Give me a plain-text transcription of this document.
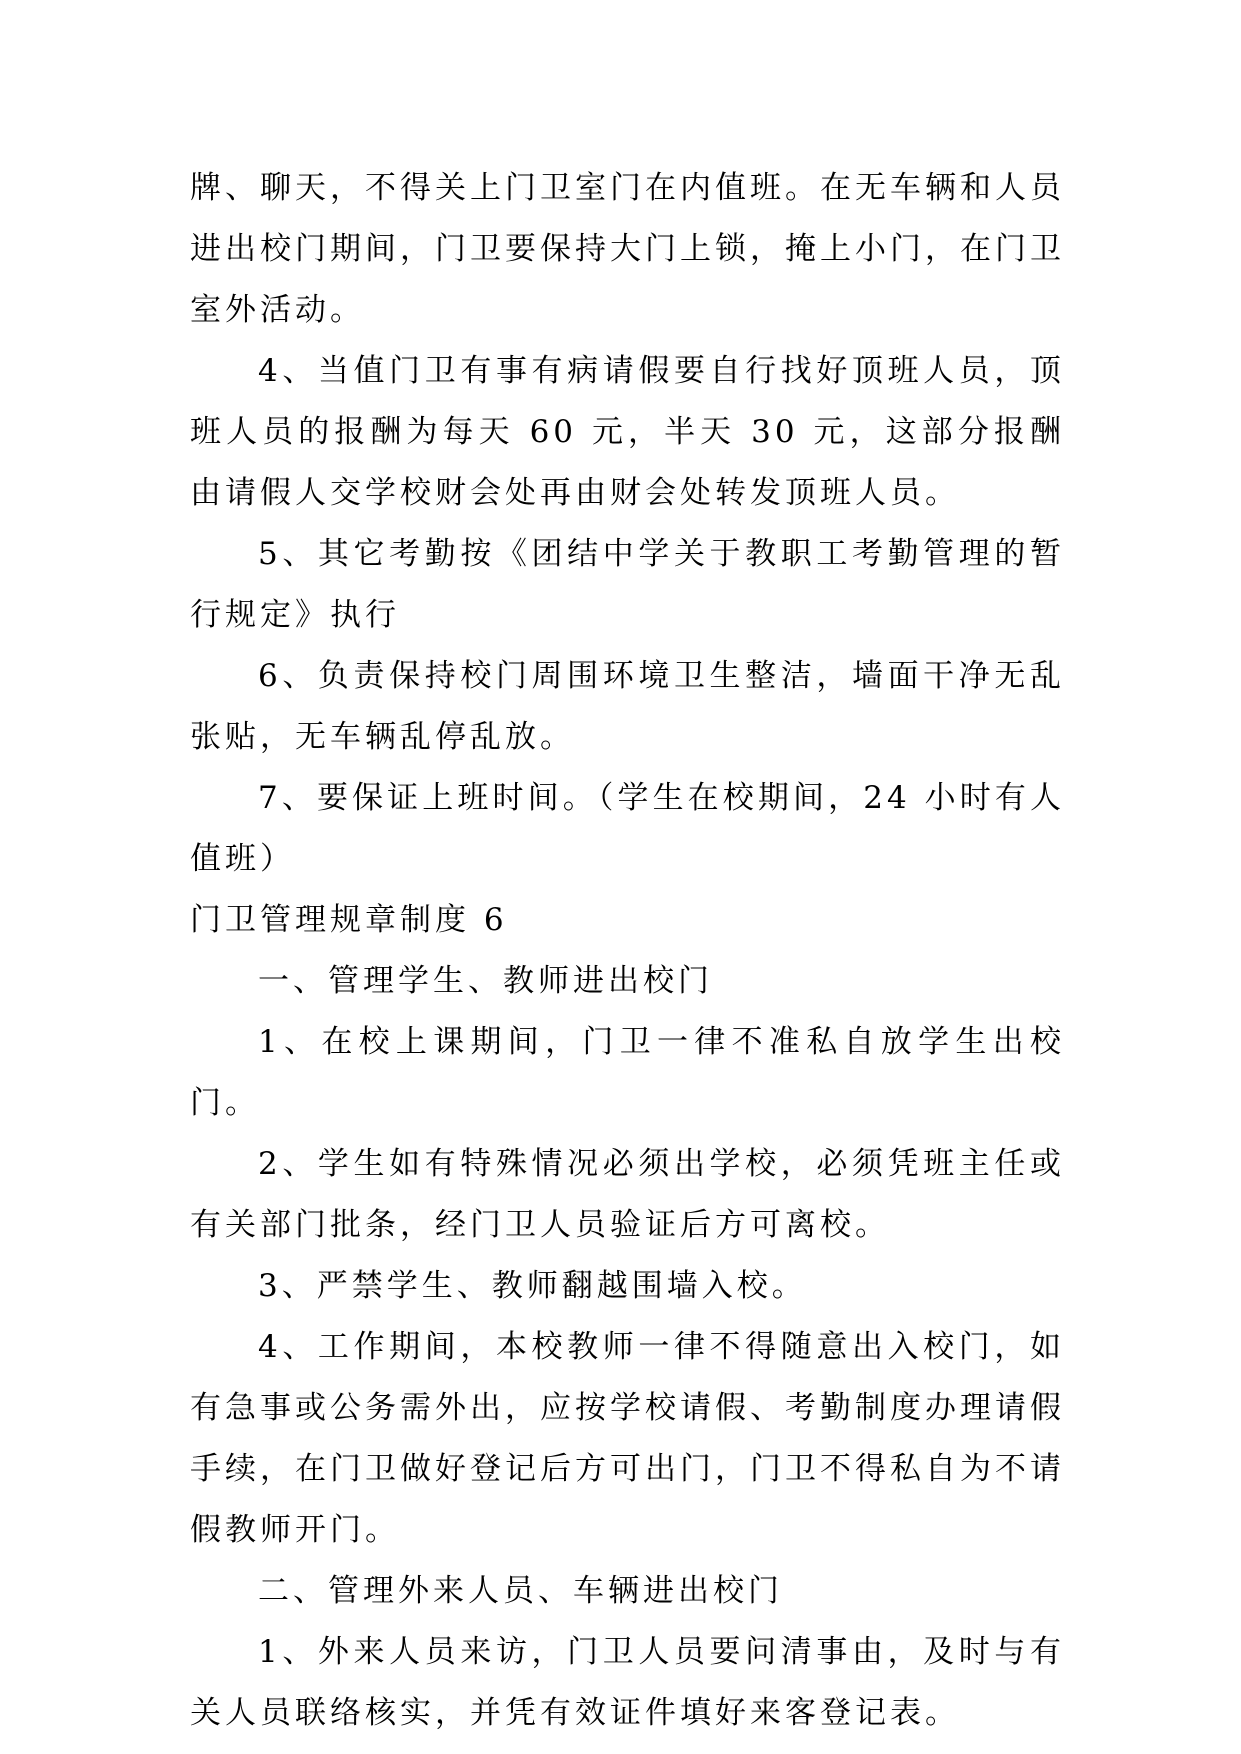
牌、聊天，不得关上门卫室门在内值班。在无车辆和人员进出校门期间，门卫要保持大门上锁，掩上小门，在门卫室外活动。

4、当值门卫有事有病请假要自行找好顶班人员，顶班人员的报酬为每天 60 元，半天 30 元，这部分报酬由请假人交学校财会处再由财会处转发顶班人员。

5、其它考勤按《团结中学关于教职工考勤管理的暂行规定》执行

6、负责保持校门周围环境卫生整洁，墙面干净无乱张贴，无车辆乱停乱放。

7、要保证上班时间。（学生在校期间，24 小时有人值班）

门卫管理规章制度 6

一、管理学生、教师进出校门

1、在校上课期间，门卫一律不准私自放学生出校门。

2、学生如有特殊情况必须出学校，必须凭班主任或有关部门批条，经门卫人员验证后方可离校。

3、严禁学生、教师翻越围墙入校。

4、工作期间，本校教师一律不得随意出入校门，如有急事或公务需外出，应按学校请假、考勤制度办理请假手续，在门卫做好登记后方可出门，门卫不得私自为不请假教师开门。

二、管理外来人员、车辆进出校门

1、外来人员来访，门卫人员要问清事由，及时与有关人员联络核实，并凭有效证件填好来客登记表。
